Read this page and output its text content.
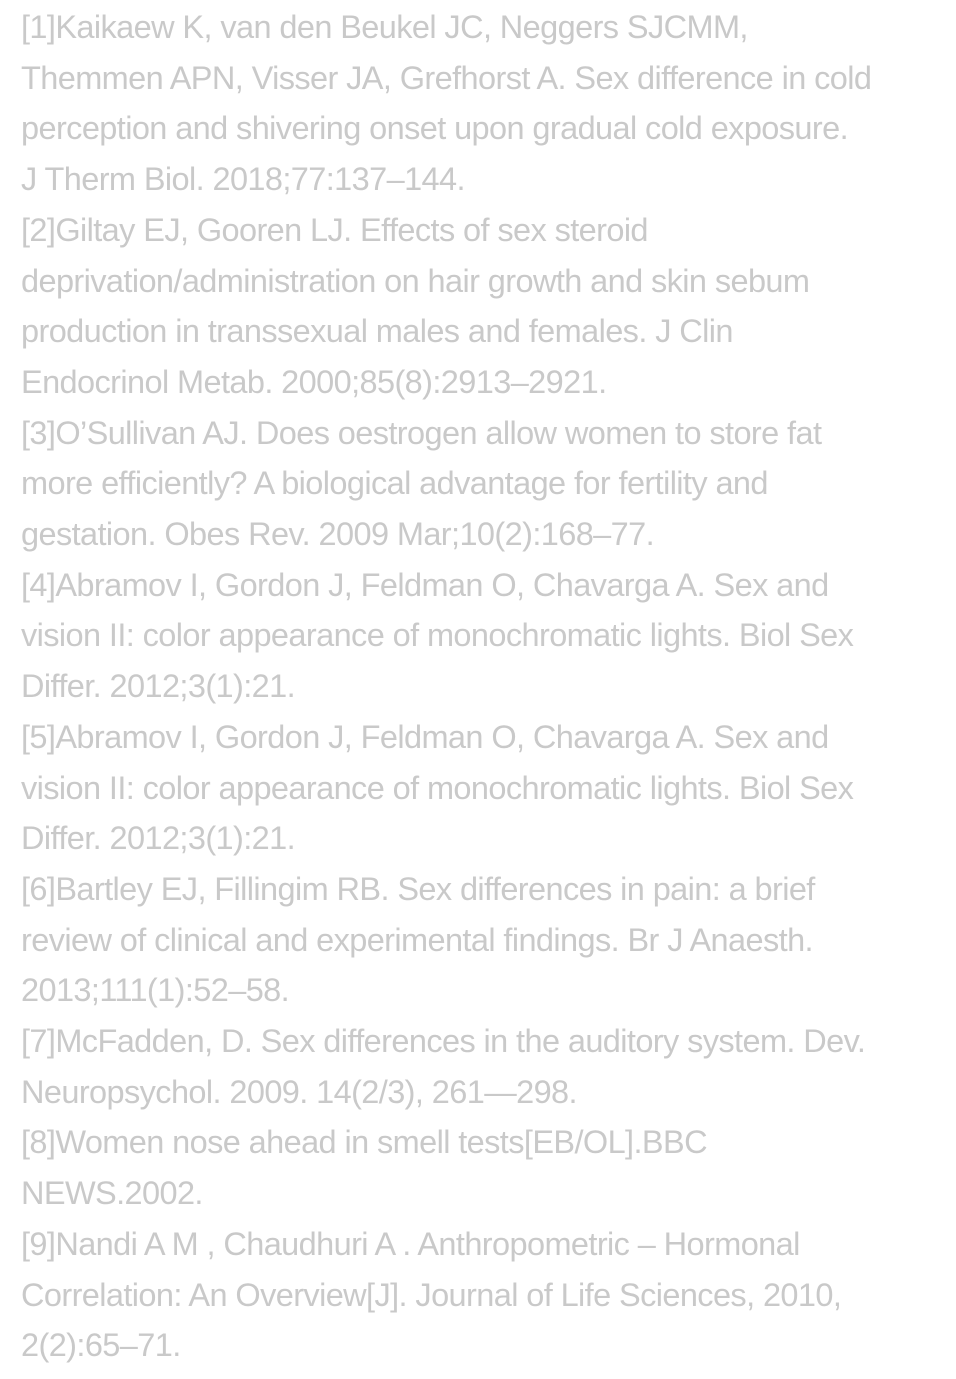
[1]Kaikaew K, van den Beukel JC, Neggers SJCMM,
Themmen APN, Visser JA, Grefhorst A. Sex difference in cold
perception and shivering onset upon gradual cold exposure.
J Therm Biol. 2018;77:137–144.
[2]Giltay EJ, Gooren LJ. Effects of sex steroid
deprivation/administration on hair growth and skin sebum
production in transsexual males and females. J Clin
Endocrinol Metab. 2000;85(8):2913–2921.
[3]O’Sullivan AJ. Does oestrogen allow women to store fat
more efficiently? A biological advantage for fertility and
gestation. Obes Rev. 2009 Mar;10(2):168–77.
[4]Abramov I, Gordon J, Feldman O, Chavarga A. Sex and
vision II: color appearance of monochromatic lights. Biol Sex
Differ. 2012;3(1):21.
[5]Abramov I, Gordon J, Feldman O, Chavarga A. Sex and
vision II: color appearance of monochromatic lights. Biol Sex
Differ. 2012;3(1):21.
[6]Bartley EJ, Fillingim RB. Sex differences in pain: a brief
review of clinical and experimental findings. Br J Anaesth.
2013;111(1):52–58.
[7]McFadden, D. Sex differences in the auditory system. Dev.
Neuropsychol. 2009. 14(2/3), 261—298.
[8]Women nose ahead in smell tests[EB/OL].BBC
NEWS.2002.
[9]Nandi A M , Chaudhuri A . Anthropometric – Hormonal
Correlation: An Overview[J]. Journal of Life Sciences, 2010,
2(2):65–71.
